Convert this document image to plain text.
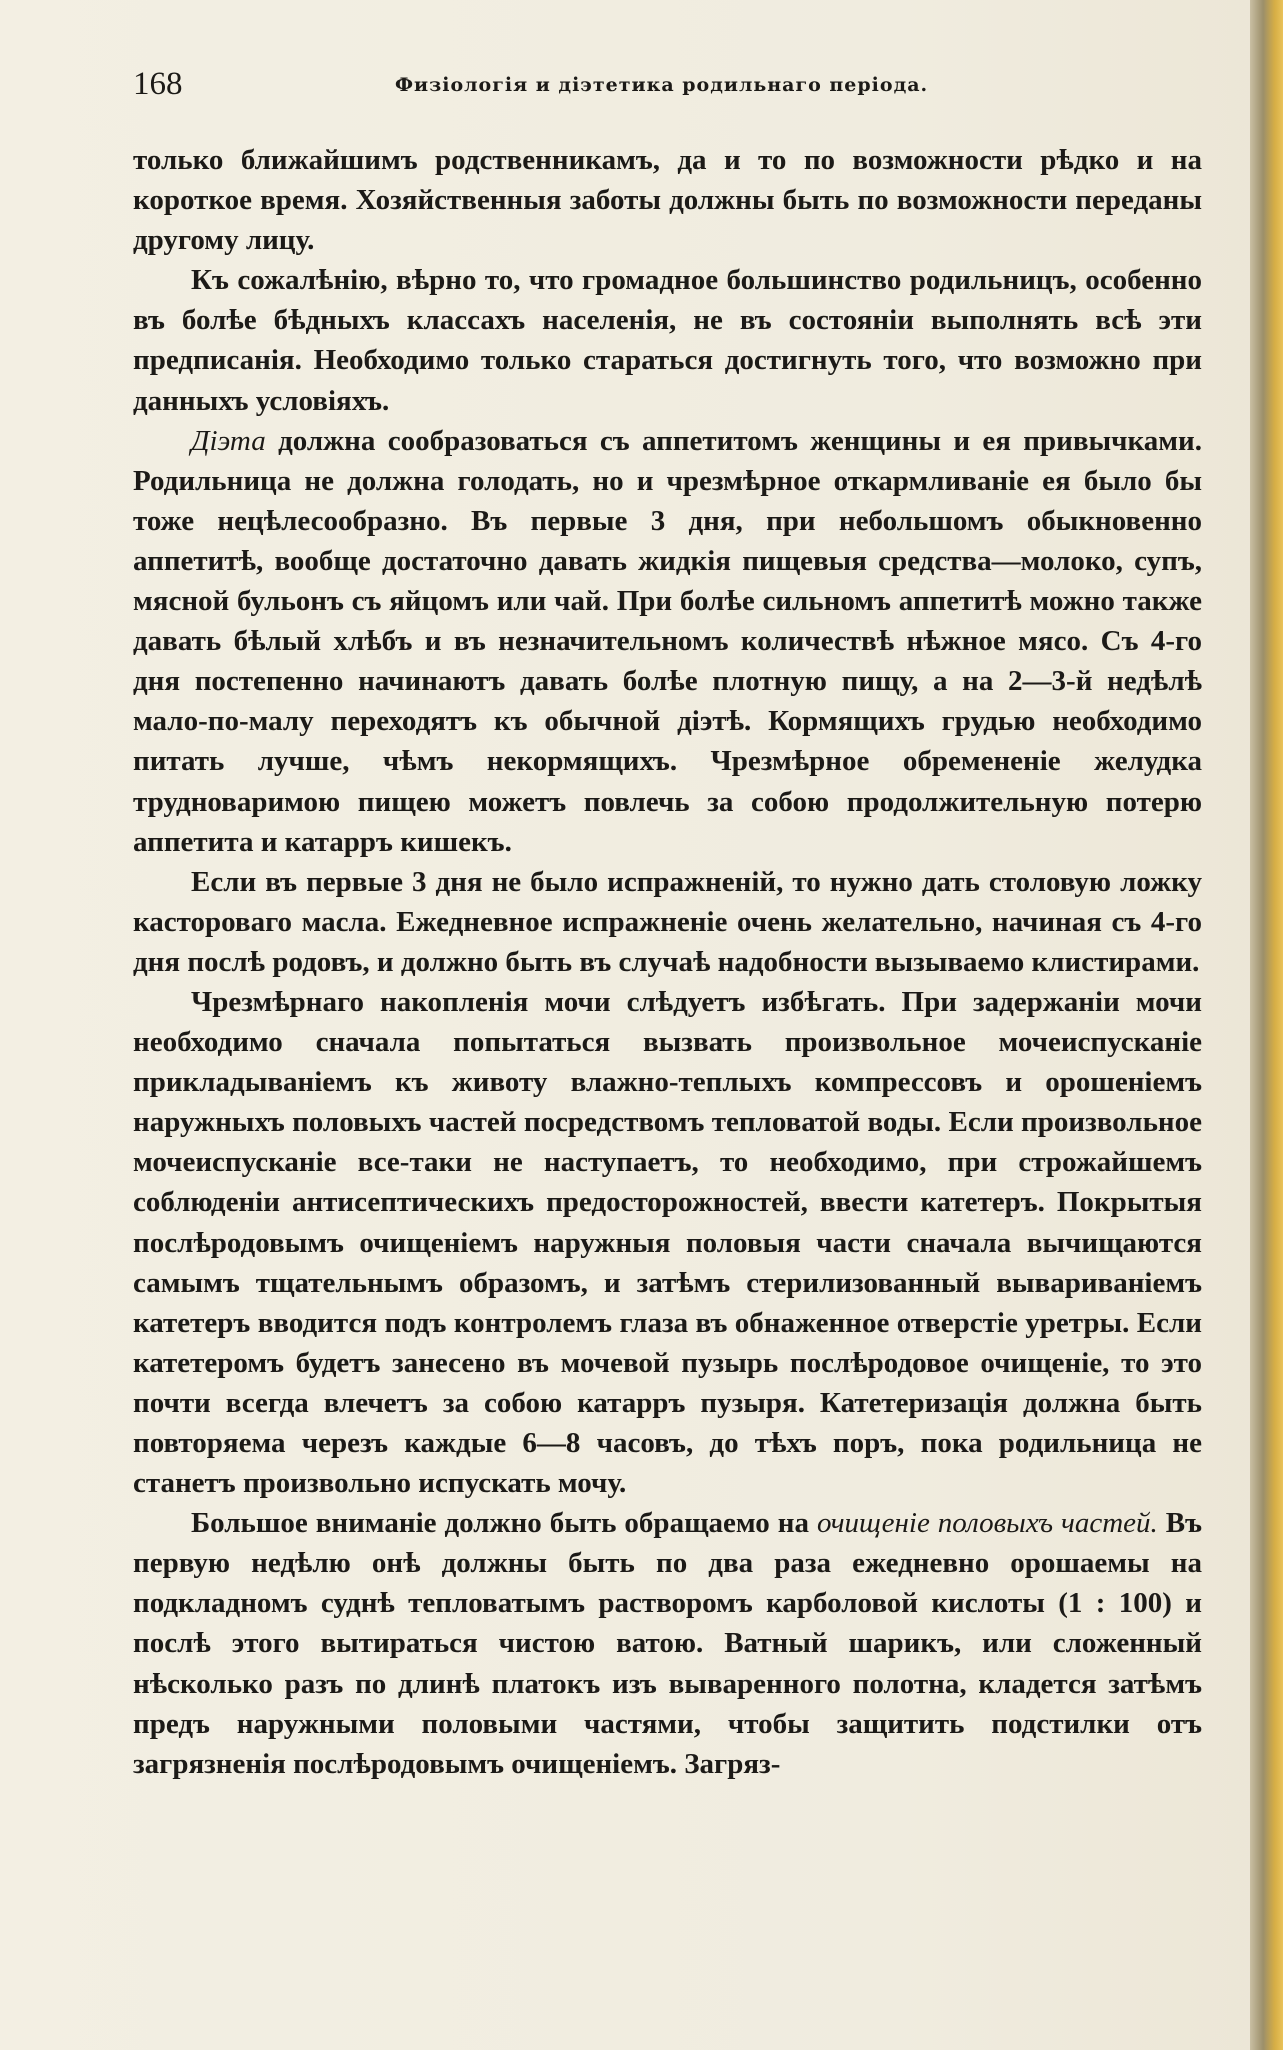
168	Физіологія и діэтетика родильнаго періода.

только ближайшимъ родственникамъ, да и то по возможности рѣдко и на короткое время. Хозяйственныя заботы должны быть по возможности переданы другому лицу.

Къ сожалѣнію, вѣрно то, что громадное большинство родильницъ, особенно въ болѣе бѣдныхъ классахъ населенія, не въ состояніи выполнять всѣ эти предписанія. Необходимо только стараться достигнуть того, что возможно при данныхъ условіяхъ.

Діэта должна сообразоваться съ аппетитомъ женщины и ея привычками. Родильница не должна голодать, но и чрезмѣрное откармливаніе ея было бы тоже нецѣлесообразно. Въ первые 3 дня, при небольшомъ обыкновенно аппетитѣ, вообще достаточно давать жидкія пищевыя средства—молоко, супъ, мясной бульонъ съ яйцомъ или чай. При болѣе сильномъ аппетитѣ можно также давать бѣлый хлѣбъ и въ незначительномъ количествѣ нѣжное мясо. Съ 4-го дня постепенно начинаютъ давать болѣе плотную пищу, а на 2—3-й недѣлѣ мало-по-малу переходятъ къ обычной діэтѣ. Кормящихъ грудью необходимо питать лучше, чѣмъ некормящихъ. Чрезмѣрное обремененіе желудка трудноваримою пищею можетъ повлечь за собою продолжительную потерю аппетита и катарръ кишекъ.

Если въ первые 3 дня не было испражненій, то нужно дать столовую ложку касторовaго масла. Ежедневное испражненіе очень желательно, начиная съ 4-го дня послѣ родовъ, и должно быть въ случаѣ надобности вызываемо клистирами.

Чрезмѣрнаго накопленія мочи слѣдуетъ избѣгать. При задержаніи мочи необходимо сначала попытаться вызвать произвольное мочеиспусканіе прикладываніемъ къ животу влажно-теплыхъ компрессовъ и орошеніемъ наружныхъ половыхъ частей посредствомъ тепловатой воды. Если произвольное мочеиспусканіе все-таки не наступаетъ, то необходимо, при строжайшемъ соблюденіи антисептическихъ предосторожностей, ввести катетеръ. Покрытыя послѣродовымъ очищеніемъ наружныя половыя части сначала вычищаются самымъ тщательнымъ образомъ, и затѣмъ стерилизованный вывариваніемъ катетеръ вводится подъ контролемъ глаза въ обнаженное отверстіе уретры. Если катетеромъ будетъ занесено въ мочевой пузырь послѣродовое очищеніе, то это почти всегда влечетъ за собою катарръ пузыря. Катетеризація должна быть повторяема черезъ каждые 6—8 часовъ, до тѣхъ поръ, пока родильница не станетъ произвольно испускать мочу.

Большое вниманіе должно быть обращаемо на очищеніе половыхъ частей. Въ первую недѣлю онѣ должны быть по два раза ежедневно орошаемы на подкладномъ суднѣ тепловатымъ растворомъ карболовой кислоты (1 : 100) и послѣ этого вытираться чистою ватою. Ватный шарикъ, или сложенный нѣсколько разъ по длинѣ платокъ изъ вываренного полотна, кладется затѣмъ предъ наружными половыми частями, чтобы защитить подстилки отъ загрязненія послѣродовымъ очищеніемъ. Загряз-
